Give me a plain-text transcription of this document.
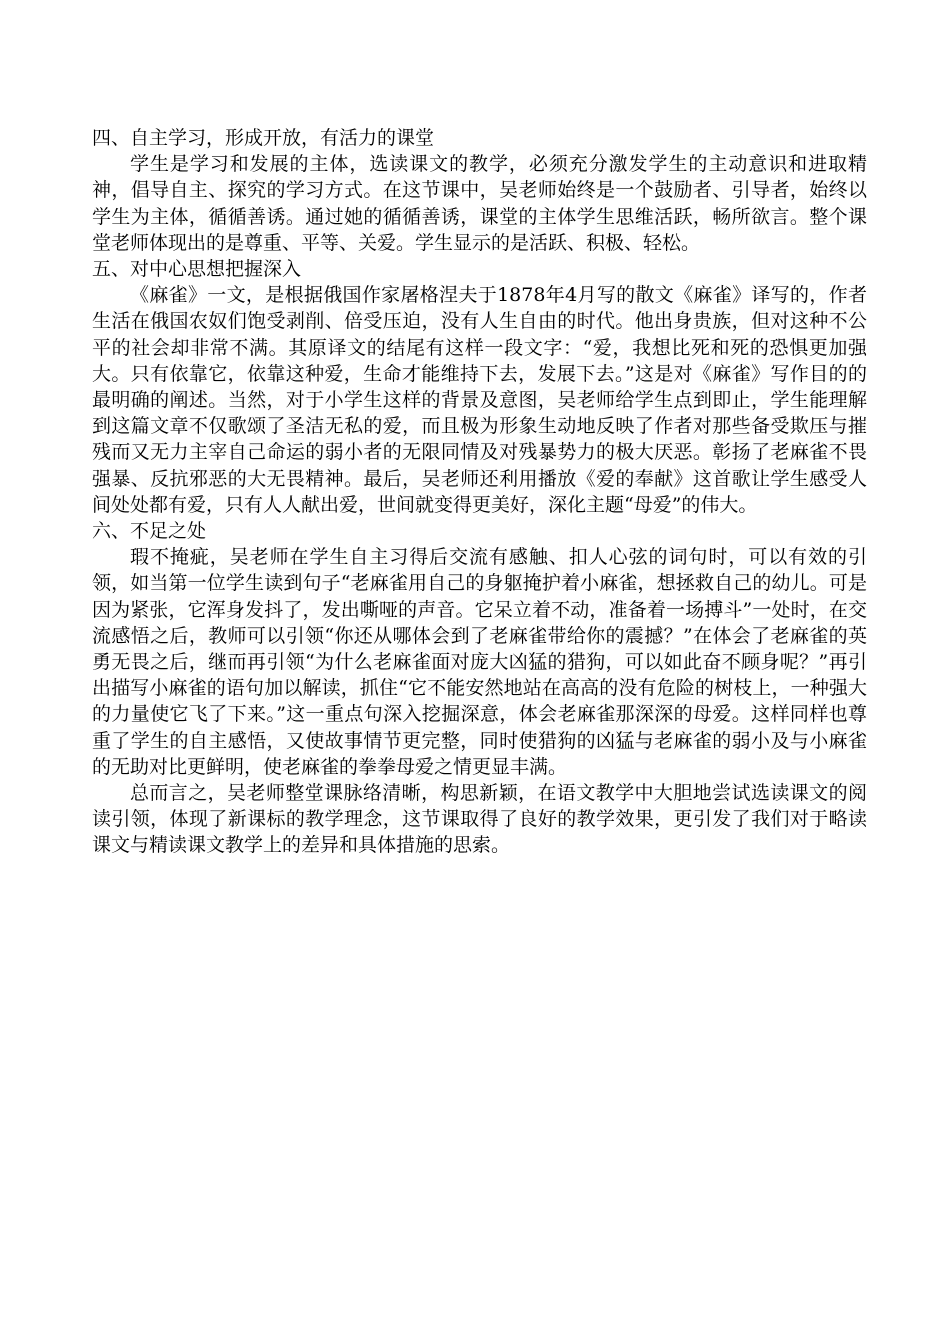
四、自主学习，形成开放，有活力的课堂

学生是学习和发展的主体，选读课文的教学，必须充分激发学生的主动意识和进取精神，倡导自主、探究的学习方式。在这节课中，吴老师始终是一个鼓励者、引导者，始终以学生为主体，循循善诱。通过她的循循善诱，课堂的主体学生思维活跃，畅所欲言。整个课堂老师体现出的是尊重、平等、关爱。学生显示的是活跃、积极、轻松。

五、对中心思想把握深入

《麻雀》一文，是根据俄国作家屠格涅夫于1878年4月写的散文《麻雀》译写的，作者生活在俄国农奴们饱受剥削、倍受压迫，没有人生自由的时代。他出身贵族，但对这种不公平的社会却非常不满。其原译文的结尾有这样一段文字：“爱，我想比死和死的恐惧更加强大。只有依靠它，依靠这种爱，生命才能维持下去，发展下去。”这是对《麻雀》写作目的的最明确的阐述。当然，对于小学生这样的背景及意图，吴老师给学生点到即止，学生能理解到这篇文章不仅歌颂了圣洁无私的爱，而且极为形象生动地反映了作者对那些备受欺压与摧残而又无力主宰自己命运的弱小者的无限同情及对残暴势力的极大厌恶。彰扬了老麻雀不畏强暴、反抗邪恶的大无畏精神。最后，吴老师还利用播放《爱的奉献》这首歌让学生感受人间处处都有爱，只有人人献出爱，世间就变得更美好，深化主题“母爱”的伟大。

六、不足之处

瑕不掩疵，吴老师在学生自主习得后交流有感触、扣人心弦的词句时，可以有效的引领，如当第一位学生读到句子“老麻雀用自己的身躯掩护着小麻雀，想拯救自己的幼儿。可是因为紧张，它浑身发抖了，发出嘶哑的声音。它呆立着不动，准备着一场搏斗”一处时，在交流感悟之后，教师可以引领“你还从哪体会到了老麻雀带给你的震撼？”在体会了老麻雀的英勇无畏之后，继而再引领“为什么老麻雀面对庞大凶猛的猎狗，可以如此奋不顾身呢？”再引出描写小麻雀的语句加以解读，抓住“它不能安然地站在高高的没有危险的树枝上，一种强大的力量使它飞了下来。”这一重点句深入挖掘深意，体会老麻雀那深深的母爱。这样同样也尊重了学生的自主感悟，又使故事情节更完整，同时使猎狗的凶猛与老麻雀的弱小及与小麻雀的无助对比更鲜明，使老麻雀的拳拳母爱之情更显丰满。

总而言之，吴老师整堂课脉络清晰，构思新颖，在语文教学中大胆地尝试选读课文的阅读引领，体现了新课标的教学理念，这节课取得了良好的教学效果，更引发了我们对于略读课文与精读课文教学上的差异和具体措施的思索。
